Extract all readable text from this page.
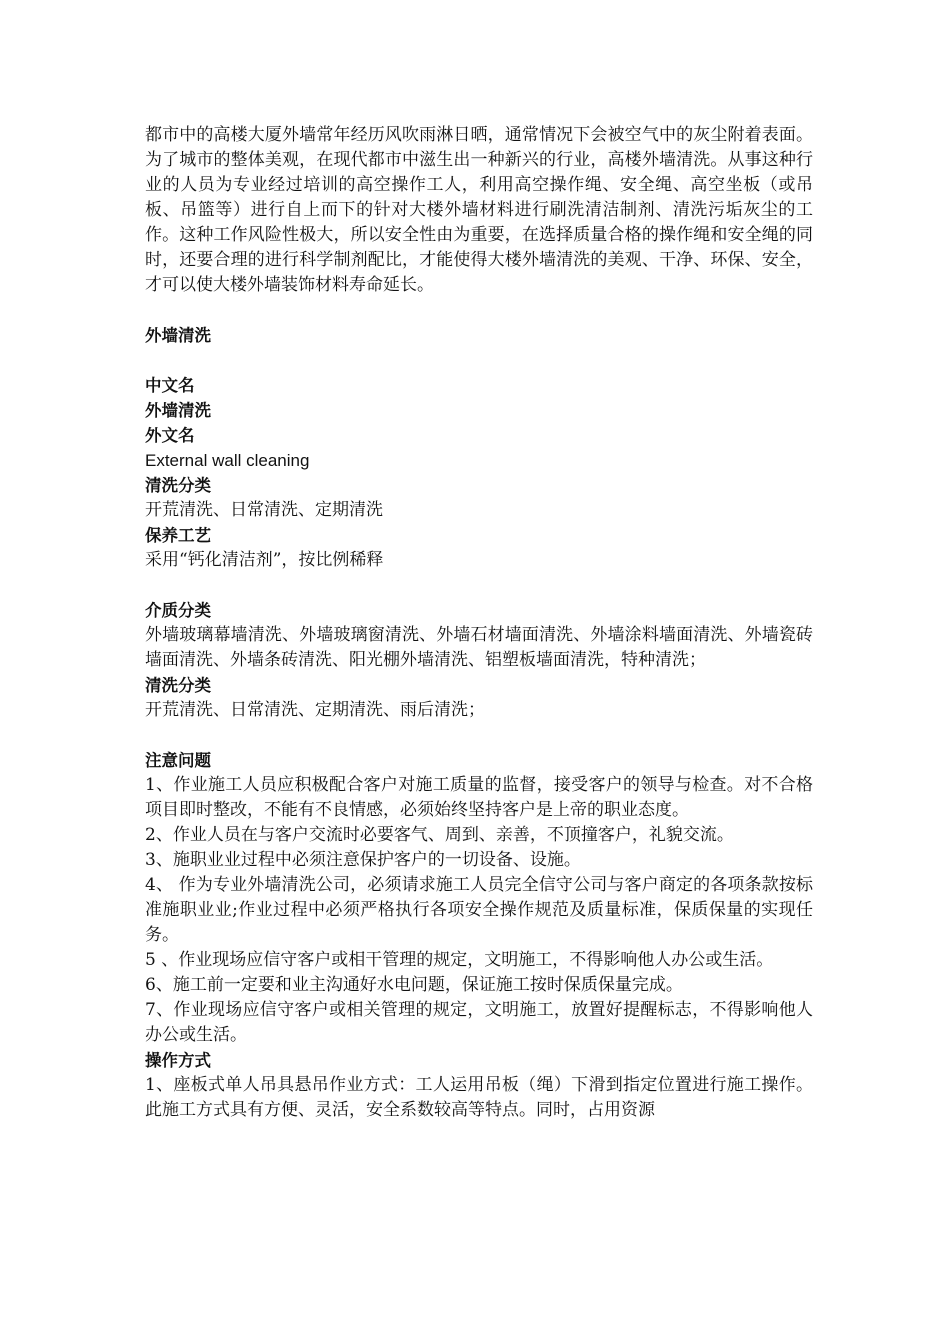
都市中的高楼大厦外墙常年经历风吹雨淋日晒，通常情况下会被空气中的灰尘附着表面。为了城市的整体美观，在现代都市中滋生出一种新兴的行业，高楼外墙清洗。从事这种行业的人员为专业经过培训的高空操作工人，利用高空操作绳、安全绳、高空坐板（或吊板、吊篮等）进行自上而下的针对大楼外墙材料进行刷洗清洁制剂、清洗污垢灰尘的工作。这种工作风险性极大，所以安全性由为重要，在选择质量合格的操作绳和安全绳的同时，还要合理的进行科学制剂配比，才能使得大楼外墙清洗的美观、干净、环保、安全，才可以使大楼外墙装饰材料寿命延长。

外墙清洗

中文名

外墙清洗

外文名

External wall cleaning

清洗分类

开荒清洗、日常清洗、定期清洗

保养工艺

采用“钙化清洁剂”，按比例稀释

介质分类

外墙玻璃幕墙清洗、外墙玻璃窗清洗、外墙石材墙面清洗、外墙涂料墙面清洗、外墙瓷砖墙面清洗、外墙条砖清洗、阳光棚外墙清洗、铝塑板墙面清洗，特种清洗；

清洗分类

开荒清洗、日常清洗、定期清洗、雨后清洗；

注意问题

1、作业施工人员应积极配合客户对施工质量的监督，接受客户的领导与检查。对不合格项目即时整改，不能有不良情感，必须始终坚持客户是上帝的职业态度。

2、作业人员在与客户交流时必要客气、周到、亲善，不顶撞客户，礼貌交流。

3、施职业业过程中必须注意保护客户的一切设备、设施。

4、 作为专业外墙清洗公司，必须请求施工人员完全信守公司与客户商定的各项条款按标准施职业业;作业过程中必须严格执行各项安全操作规范及质量标准，保质保量的实现任务。

5 、作业现场应信守客户或相干管理的规定，文明施工，不得影响他人办公或生活。

6、施工前一定要和业主沟通好水电问题，保证施工按时保质保量完成。

7、作业现场应信守客户或相关管理的规定，文明施工，放置好提醒标志，不得影响他人办公或生活。

操作方式

1、座板式单人吊具悬吊作业方式：工人运用吊板（绳）下滑到指定位置进行施工操作。此施工方式具有方便、灵活，安全系数较高等特点。同时，占用资源
